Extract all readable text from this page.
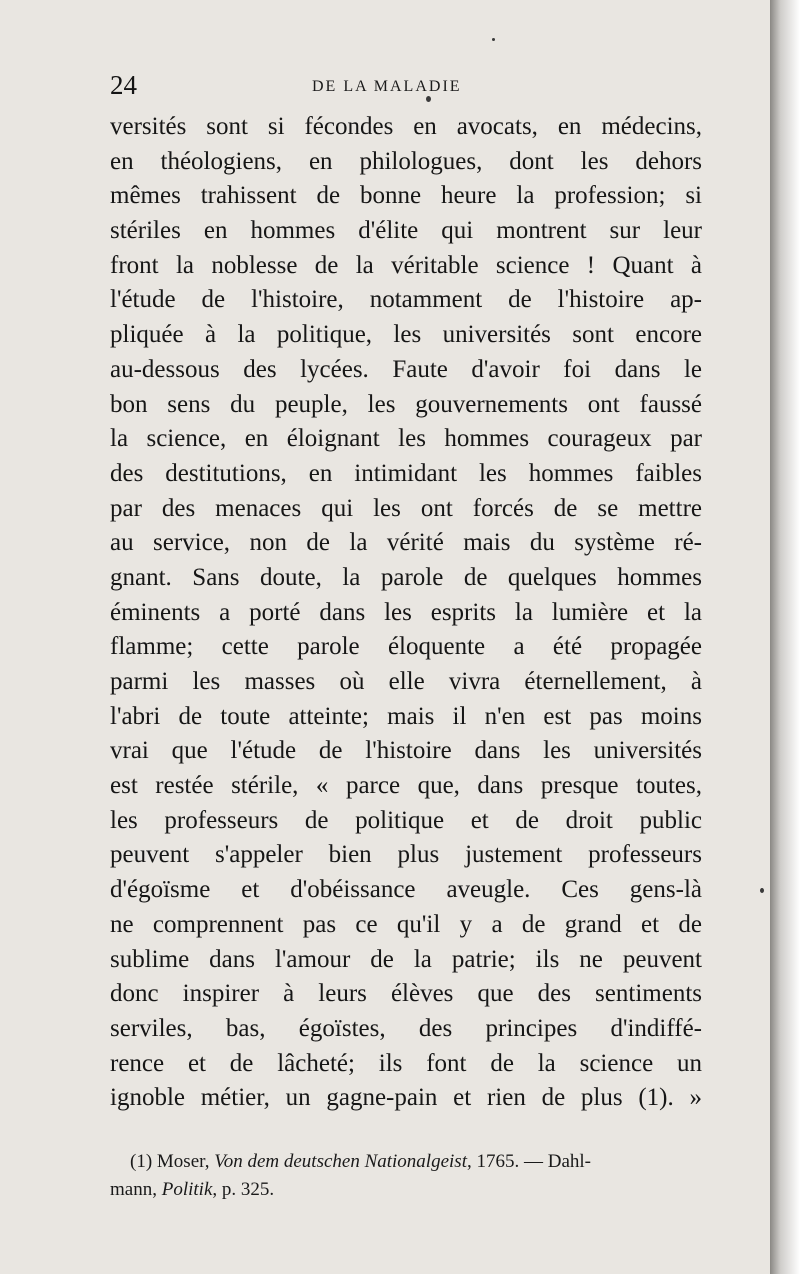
24	DE LA MALADIE
versités sont si fécondes en avocats, en médecins,
en théologiens, en philologues, dont les dehors
mêmes trahissent de bonne heure la profession; si
stériles en hommes d'élite qui montrent sur leur
front la noblesse de la véritable science ! Quant à
l'étude de l'histoire, notamment de l'histoire ap-
pliquée à la politique, les universités sont encore
au-dessous des lycées. Faute d'avoir foi dans le
bon sens du peuple, les gouvernements ont faussé
la science, en éloignant les hommes courageux par
des destitutions, en intimidant les hommes faibles
par des menaces qui les ont forcés de se mettre
au service, non de la vérité mais du système ré-
gnant. Sans doute, la parole de quelques hommes
éminents a porté dans les esprits la lumière et la
flamme; cette parole éloquente a été propagée
parmi les masses où elle vivra éternellement, à
l'abri de toute atteinte; mais il n'en est pas moins
vrai que l'étude de l'histoire dans les universités
est restée stérile, « parce que, dans presque toutes,
les professeurs de politique et de droit public
peuvent s'appeler bien plus justement professeurs
d'égoïsme et d'obéissance aveugle. Ces gens-là
ne comprennent pas ce qu'il y a de grand et de
sublime dans l'amour de la patrie; ils ne peuvent
donc inspirer à leurs élèves que des sentiments
serviles, bas, égoïstes, des principes d'indiffé-
rence et de lâcheté; ils font de la science un
ignoble métier, un gagne-pain et rien de plus (1). »
(1) Moser, Von dem deutschen Nationalgeist, 1765. — Dahl-
mann, Politik, p. 325.
